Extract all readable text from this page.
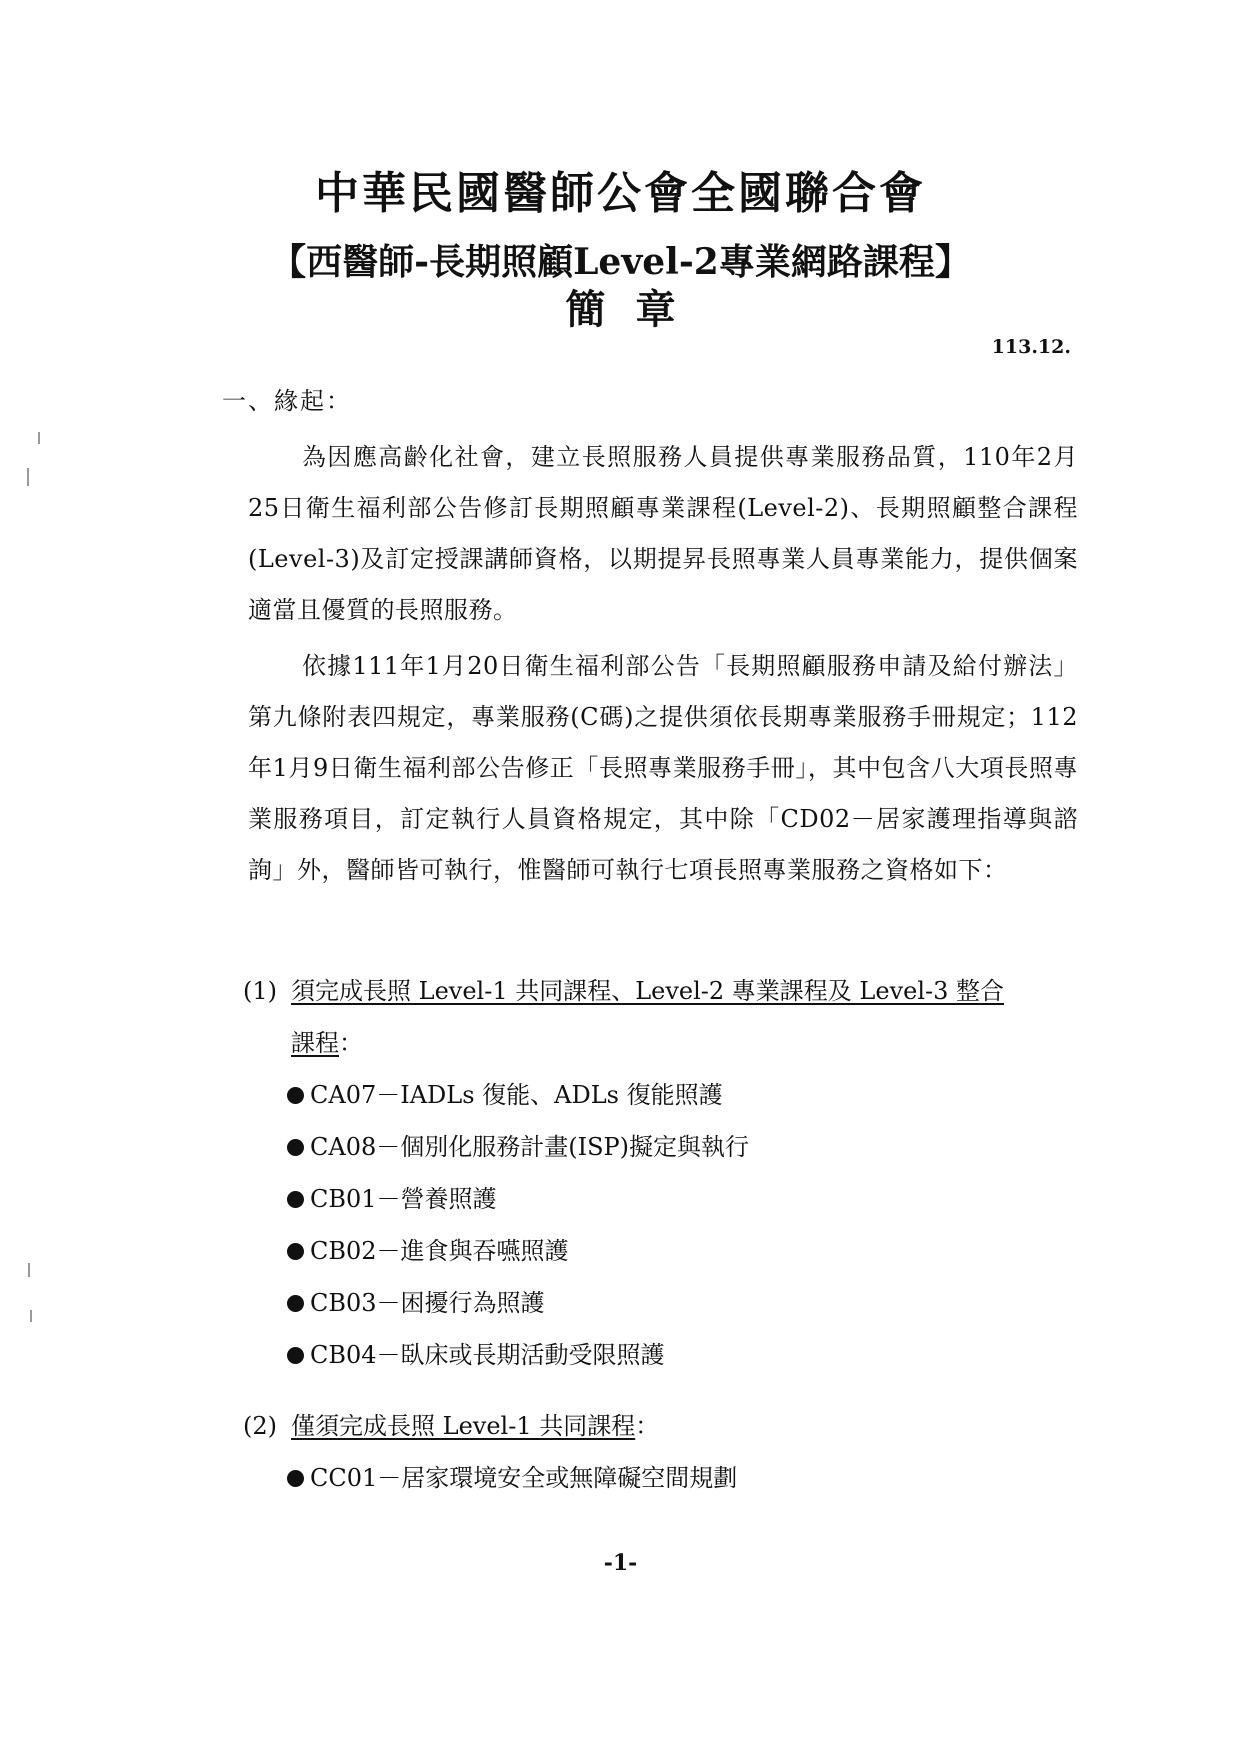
中華民國醫師公會全國聯合會
【西醫師-長期照顧Level-2專業網路課程】
簡章
113.12.
一、緣起：
為因應高齡化社會，建立長照服務人員提供專業服務品質，110年2月25日衛生福利部公告修訂長期照顧專業課程(Level-2)、長期照顧整合課程(Level-3)及訂定授課講師資格，以期提昇長照專業人員專業能力，提供個案適當且優質的長照服務。
依據111年1月20日衛生福利部公告「長期照顧服務申請及給付辦法」第九條附表四規定，專業服務(C碼)之提供須依長期專業服務手冊規定；112年1月9日衛生福利部公告修正「長照專業服務手冊」，其中包含八大項長照專業服務項目，訂定執行人員資格規定，其中除「CD02－居家護理指導與諮詢」外，醫師皆可執行，惟醫師可執行七項長照專業服務之資格如下：
(1) 須完成長照 Level-1 共同課程、Level-2 專業課程及 Level-3 整合
課程：
CA07－IADLs 復能、ADLs 復能照護
CA08－個別化服務計畫(ISP)擬定與執行
CB01－營養照護
CB02－進食與吞嚥照護
CB03－困擾行為照護
CB04－臥床或長期活動受限照護
(2) 僅須完成長照 Level-1 共同課程：
CC01－居家環境安全或無障礙空間規劃
-1-
